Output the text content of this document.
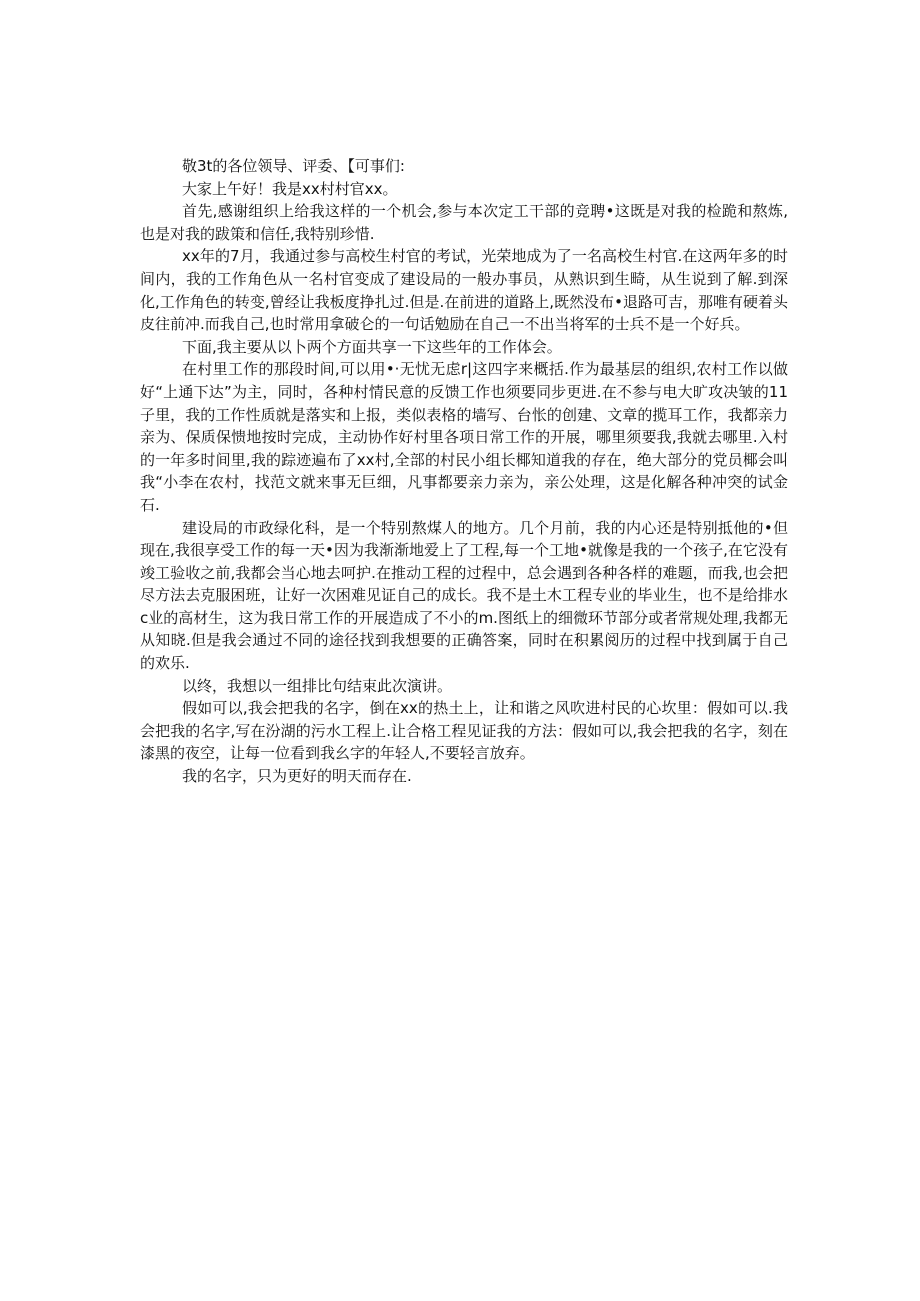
敬3t的各位领导、评委、【可事们:

大家上午好！我是xx村村官xx。

首先,感谢组织上给我这样的一个机会,参与本次定工干部的竞聘•这既是对我的检跪和熬炼,也是对我的跋策和信任,我特别珍惜.

xx年的7月，我通过参与高校生村官的考试，光荣地成为了一名高校生村官.在这两年多的时间内，我的工作角色从一名村官变成了建设局的一般办事员，从熟识到生畸，从生说到了解.到深化,工作角色的转变,曾经让我板度挣扎过.但是.在前进的道路上,既然没布•退路可吉，那唯有硬着头皮往前冲.而我自己,也时常用拿破仑的一句话勉励在自己一不出当将军的士兵不是一个好兵。

下面,我主要从以卜两个方面共享一下这些年的工作体会。

在村里工作的那段时间,可以用•·无忧无虑r|这四字来概括.作为最基层的组织,农村工作以做好“上通下达”为主，同时，各种村情民意的反馈工作也须要同步更进.在不参与电大旷攻决皱的11子里，我的工作性质就是落实和上报，类似表格的墙写、台怅的创建、文章的揽耳工作，我都亲力亲为、保质保愦地按时完成，主动协作好村里各项日常工作的开展，哪里须要我,我就去哪里.入村的一年多时间里,我的踪迹遍布了xx村,全部的村民小组长椰知道我的存在，绝大部分的党员椰会叫我“小李在农村，找范文就来事无巨细，凡事都要亲力亲为，亲公处理，这是化解各种冲突的试金石.

建设局的市政绿化科，是一个特别熬煤人的地方。几个月前，我的内心还是特别抵他的•但现在,我很享受工作的每一天•因为我渐渐地爱上了工程,每一个工地•就像是我的一个孩子,在它没有竣工验收之前,我都会当心地去呵护.在推动工程的过程中，总会遇到各种各样的难题，而我,也会把尽方法去克服困班，让好一次困难见证自己的成长。我不是土木工程专业的毕业生，也不是给排水c业的高材生，这为我日常工作的开展造成了不小的m.图纸上的细微环节部分或者常规处理,我都无从知晓.但是我会通过不同的途径找到我想要的正确答案，同时在积累阅历的过程中找到属于自己的欢乐.

以终，我想以一组排比句结束此次演讲。

假如可以,我会把我的名字，倒在xx的热土上，让和谐之风吹进村民的心坎里：假如可以.我会把我的名字,写在汾湖的污水工程上.让合格工程见证我的方法：假如可以,我会把我的名字，刻在漆黑的夜空，让每一位看到我幺字的年轻人,不要轻言放弃。

我的名字，只为更好的明天而存在.
